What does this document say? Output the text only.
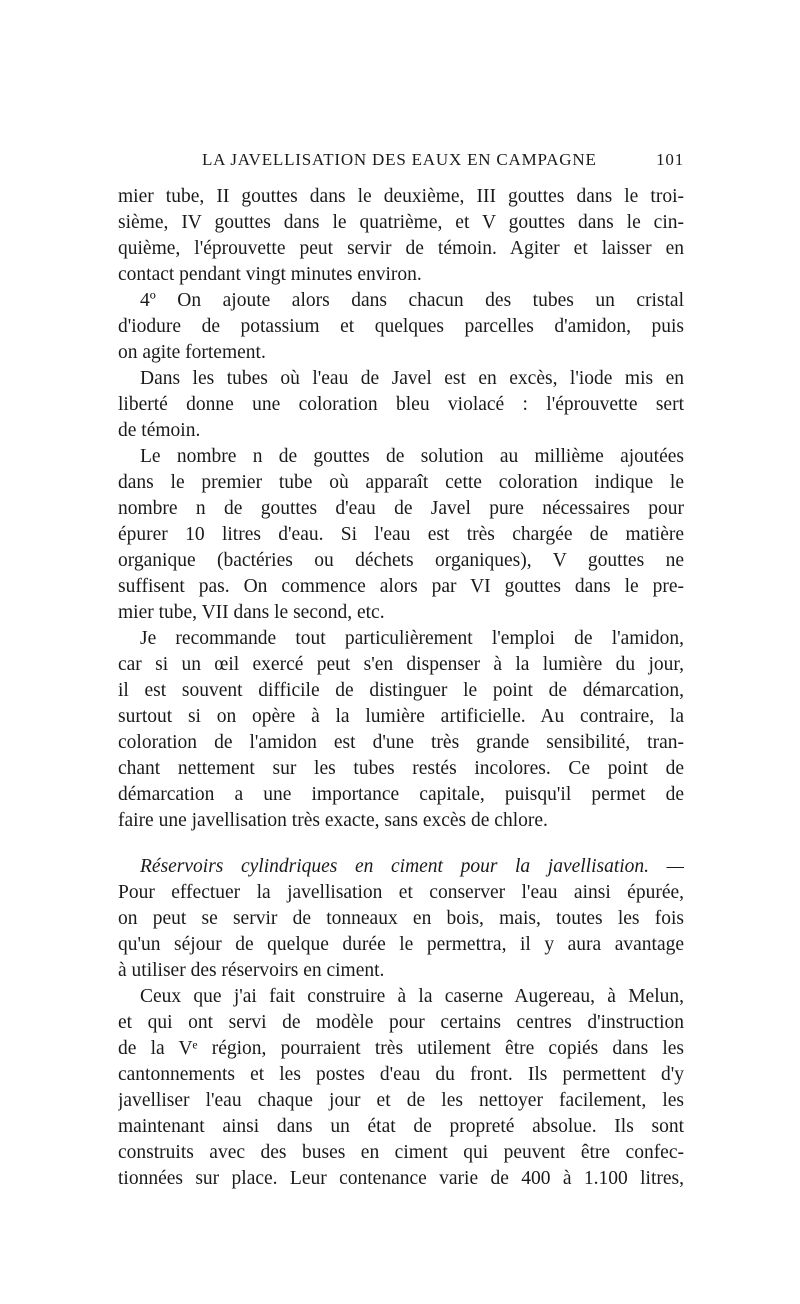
LA JAVELLISATION DES EAUX EN CAMPAGNE	101
mier tube, II gouttes dans le deuxième, III gouttes dans le troi-
sième, IV gouttes dans le quatrième, et V gouttes dans le cin-
quième, l'éprouvette peut servir de témoin. Agiter et laisser en
contact pendant vingt minutes environ.
4º On ajoute alors dans chacun des tubes un cristal
d'iodure de potassium et quelques parcelles d'amidon, puis
on agite fortement.
Dans les tubes où l'eau de Javel est en excès, l'iode mis en
liberté donne une coloration bleu violacé : l'éprouvette sert
de témoin.
Le nombre n de gouttes de solution au millième ajoutées
dans le premier tube où apparaît cette coloration indique le
nombre n de gouttes d'eau de Javel pure nécessaires pour
épurer 10 litres d'eau. Si l'eau est très chargée de matière
organique (bactéries ou déchets organiques), V gouttes ne
suffisent pas. On commence alors par VI gouttes dans le pre-
mier tube, VII dans le second, etc.
Je recommande tout particulièrement l'emploi de l'amidon,
car si un œil exercé peut s'en dispenser à la lumière du jour,
il est souvent difficile de distinguer le point de démarcation,
surtout si on opère à la lumière artificielle. Au contraire, la
coloration de l'amidon est d'une très grande sensibilité, tran-
chant nettement sur les tubes restés incolores. Ce point de
démarcation a une importance capitale, puisqu'il permet de
faire une javellisation très exacte, sans excès de chlore.
Réservoirs cylindriques en ciment pour la javellisation. —
Pour effectuer la javellisation et conserver l'eau ainsi épurée,
on peut se servir de tonneaux en bois, mais, toutes les fois
qu'un séjour de quelque durée le permettra, il y aura avantage
à utiliser des réservoirs en ciment.
Ceux que j'ai fait construire à la caserne Augereau, à Melun,
et qui ont servi de modèle pour certains centres d'instruction
de la Vᵉ région, pourraient très utilement être copiés dans les
cantonnements et les postes d'eau du front. Ils permettent d'y
javelliser l'eau chaque jour et de les nettoyer facilement, les
maintenant ainsi dans un état de propreté absolue. Ils sont
construits avec des buses en ciment qui peuvent être confec-
tionnées sur place. Leur contenance varie de 400 à 1.100 litres,
